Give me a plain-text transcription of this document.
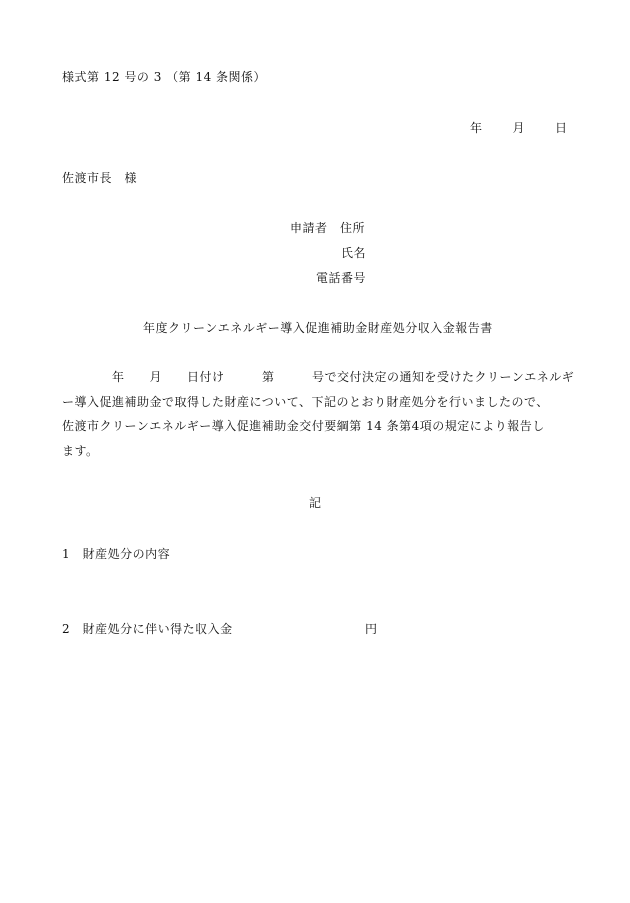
様式第 12 号の 3 （第 14 条関係）
年	月	日
佐渡市長　様
申請者　住所
氏名
電話番号
年度クリーンエネルギー導入促進補助金財産処分収入金報告書
　　　　年　　月　　日付け　　　第　　　号で交付決定の通知を受けたクリーンエネルギ
ー導入促進補助金で取得した財産について、下記のとおり財産処分を行いましたので、
佐渡市クリーンエネルギー導入促進補助金交付要綱第 14 条第4項の規定により報告し
ます。
記
1　財産処分の内容
2　財産処分に伴い得た収入金	円
